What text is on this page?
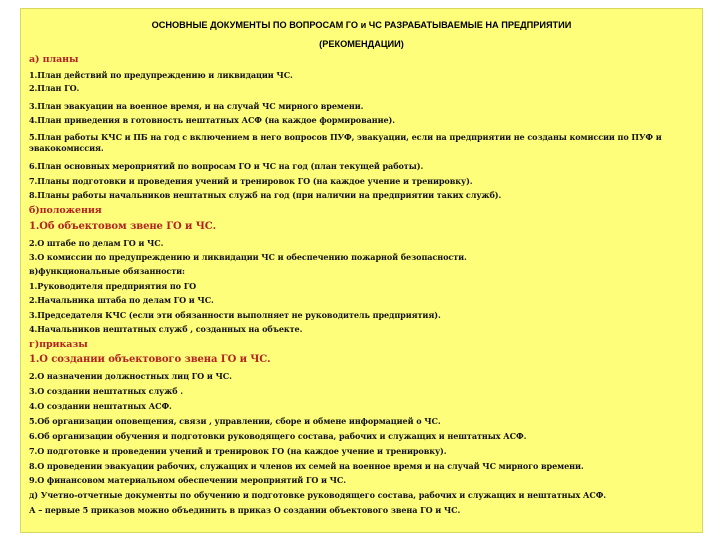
ОСНОВНЫЕ ДОКУМЕНТЫ ПО ВОПРОСАМ ГО и ЧС РАЗРАБАТЫВАЕМЫЕ НА ПРЕДПРИЯТИИ
(РЕКОМЕНДАЦИИ)
а) планы
1.План действий по предупреждению и ликвидации ЧС.
2.План ГО.
3.План эвакуации на военное время, и на случай ЧС мирного времени.
4.План приведения в готовность нештатных АСФ (на каждое формирование).
5.План работы КЧС и ПБ на год с включением в него вопросов ПУФ, эвакуации, если на предприятии не созданы комиссии по ПУФ и эвакокомиссия.
6.План основных мероприятий по вопросам ГО и ЧС на год (план текущей работы).
7.Планы подготовки и проведения учений и тренировок ГО (на каждое учение и тренировку).
8.Планы работы начальников нештатных служб на год (при наличии на предприятии таких служб).
б)положения
1.Об объектовом звене ГО и ЧС.
2.О штабе по делам ГО и ЧС.
3.О комиссии по предупреждению и ликвидации ЧС и обеспечению пожарной безопасности.
в)функциональные обязанности:
1.Руководителя предприятия по ГО
2.Начальника штаба по делам ГО и ЧС.
3.Председателя КЧС (если эти обязанности выполняет не руководитель предприятия).
4.Начальников нештатных служб , созданных на объекте.
г)приказы
1.О создании объектового звена ГО и ЧС.
2.О назначении должностных лиц ГО и ЧС.
3.О создании нештатных служб .
4.О создании нештатных АСФ.
5.Об организации оповещения, связи , управлении, сборе и обмене информацией о ЧС.
6.Об организации обучения и подготовки руководящего состава, рабочих и служащих и нештатных АСФ.
7.О подготовке и проведении учений и тренировок ГО (на каждое учение и тренировку).
8.О проведении эвакуации рабочих, служащих и членов их семей на военное время и на случай ЧС мирного времени.
9.О финансовом материальном обеспечении мероприятий ГО и ЧС.
д) Учетно-отчетные документы по обучению и подготовке руководящего состава, рабочих и служащих и нештатных АСФ.
А – первые 5 приказов можно объединить в приказ О создании объектового звена ГО и ЧС.
